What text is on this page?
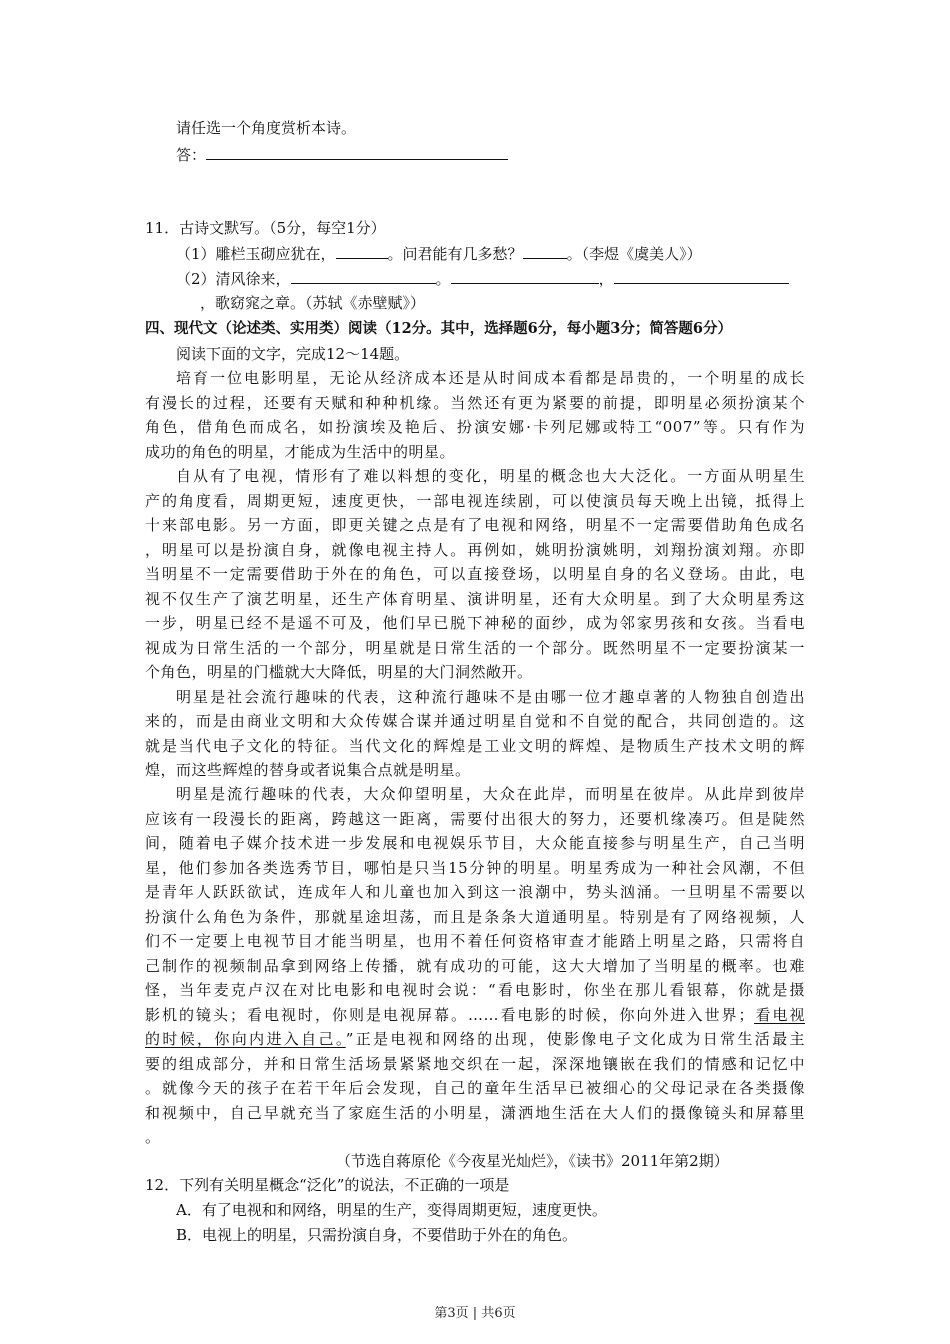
请任选一个角度赏析本诗。
答：
11．古诗文默写。（5分，每空1分）
（1）雕栏玉砌应犹在，	。问君能有几多愁？	。（李煜《虞美人》）
（2）清风徐来，	。	，
，歌窈窕之章。（苏轼《赤壁赋》）
四、现代文（论述类、实用类）阅读（12分。其中，选择题6分，每小题3分；简答题6分）
阅读下面的文字，完成12～14题。
培育一位电影明星，无论从经济成本还是从时间成本看都是昂贵的，一个明星的成长
有漫长的过程，还要有天赋和种种机缘。当然还有更为紧要的前提，即明星必须扮演某个
角色，借角色而成名，如扮演埃及艳后、扮演安娜·卡列尼娜或特工“007”等。只有作为
成功的角色的明星，才能成为生活中的明星。
自从有了电视，情形有了难以料想的变化，明星的概念也大大泛化。一方面从明星生
产的角度看，周期更短，速度更快，一部电视连续剧，可以使演员每天晚上出镜，抵得上
十来部电影。另一方面，即更关键之点是有了电视和网络，明星不一定需要借助角色成名
，明星可以是扮演自身，就像电视主持人。再例如，姚明扮演姚明，刘翔扮演刘翔。亦即
当明星不一定需要借助于外在的角色，可以直接登场，以明星自身的名义登场。由此，电
视不仅生产了演艺明星，还生产体育明星、演讲明星，还有大众明星。到了大众明星秀这
一步，明星已经不是遥不可及，他们早已脱下神秘的面纱，成为邻家男孩和女孩。当看电
视成为日常生活的一个部分，明星就是日常生活的一个部分。既然明星不一定要扮演某一
个角色，明星的门槛就大大降低，明星的大门洞然敞开。
明星是社会流行趣味的代表，这种流行趣味不是由哪一位才趣卓著的人物独自创造出
来的，而是由商业文明和大众传媒合谋并通过明星自觉和不自觉的配合，共同创造的。这
就是当代电子文化的特征。当代文化的辉煌是工业文明的辉煌、是物质生产技术文明的辉
煌，而这些辉煌的替身或者说集合点就是明星。
明星是流行趣味的代表，大众仰望明星，大众在此岸，而明星在彼岸。从此岸到彼岸
应该有一段漫长的距离，跨越这一距离，需要付出很大的努力，还要机缘凑巧。但是陡然
间，随着电子媒介技术进一步发展和电视娱乐节目，大众能直接参与明星生产，自己当明
星，他们参加各类选秀节目，哪怕是只当15分钟的明星。明星秀成为一种社会风潮，不但
是青年人跃跃欲试，连成年人和儿童也加入到这一浪潮中，势头汹涌。一旦明星不需要以
扮演什么角色为条件，那就星途坦荡，而且是条条大道通明星。特别是有了网络视频，人
们不一定要上电视节目才能当明星，也用不着任何资格审查才能踏上明星之路，只需将自
己制作的视频制品拿到网络上传播，就有成功的可能，这大大增加了当明星的概率。也难
怪，当年麦克卢汉在对比电影和电视时会说：“看电影时，你坐在那儿看银幕，你就是摄
影机的镜头；看电视时，你则是电视屏幕。……看电影的时候，你向外进入世界；看电视
的时候，你向内进入自己。”正是电视和网络的出现，使影像电子文化成为日常生活最主
要的组成部分，并和日常生活场景紧紧地交织在一起，深深地镶嵌在我们的情感和记忆中
。就像今天的孩子在若干年后会发现，自己的童年生活早已被细心的父母记录在各类摄像
和视频中，自己早就充当了家庭生活的小明星，潇洒地生活在大人们的摄像镜头和屏幕里
。
（节选自蒋原伦《今夜星光灿烂》，《读书》2011年第2期）
12．下列有关明星概念“泛化”的说法，不正确的一项是
A．有了电视和和网络，明星的生产，变得周期更短，速度更快。
B．电视上的明星，只需扮演自身，不要借助于外在的角色。
第3页 | 共6页
